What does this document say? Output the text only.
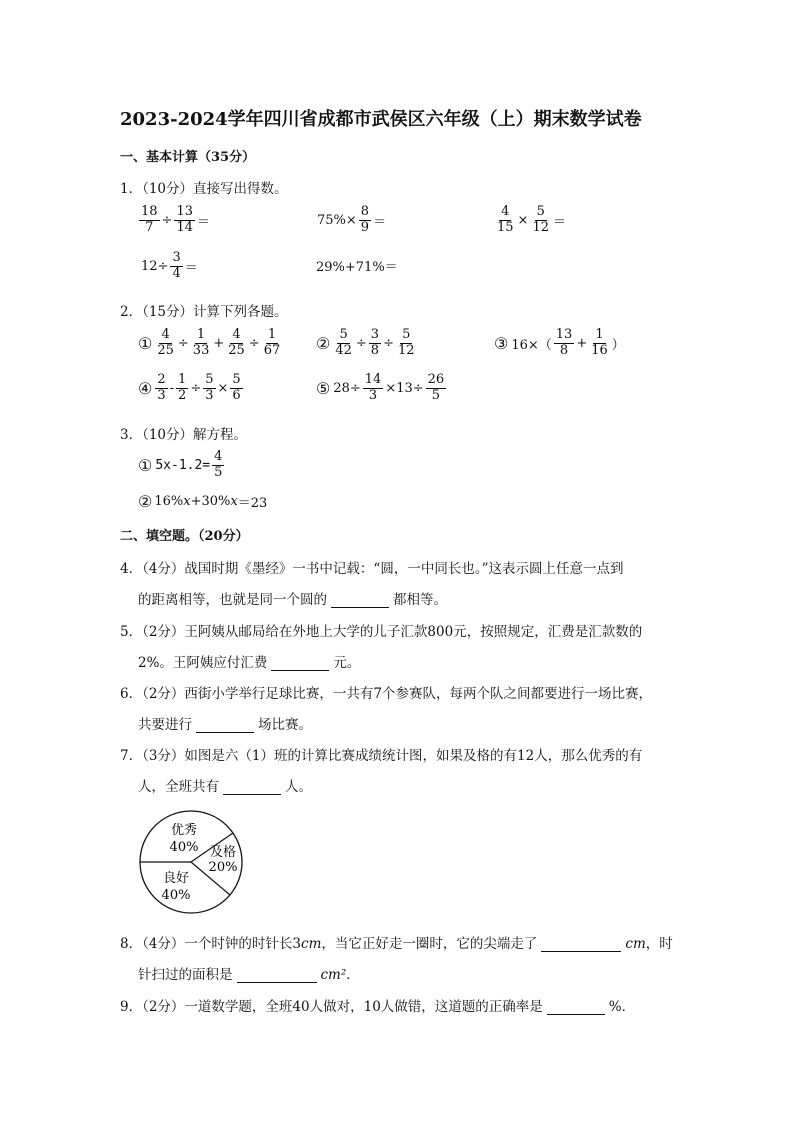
2023-2024学年四川省成都市武侯区六年级（上）期末数学试卷
一、基本计算（35分）
1．（10分）直接写出得数。
$\frac{18}{7} \div \frac{13}{14}$ ＝	$75\%\times \frac{8}{9}$ ＝	$\frac{4}{15} \times \frac{5}{12}$ ＝
$12\div \frac{3}{4}$ ＝	29%+71%＝
2．（15分）计算下列各题。
① $\frac{4}{25} \div \frac{1}{33} + \frac{4}{25} \div \frac{1}{67}$ ② $\frac{5}{42} \div \frac{3}{8} \div \frac{5}{12}$	③ $16\times( \frac{13}{8} + \frac{1}{16}$ ）
④ $\frac{2}{3} - \frac{1}{2} \div \frac{5}{3} \times \frac{5}{6}$	⑤ $28\div \frac{14}{3} \times 13\div \frac{26}{5}$
3．（10分）解方程。
① $5x-1.2= \frac{4}{5}$
② 16% x +30% x ＝23
二、填空题。（20分）
4．（4分）战国时期《墨经》一书中记载：“圆，一中同长也。”这表示圆上任意一点到
的距离相等，也就是同一个圆的	都相等。
5．（2分）王阿姨从邮局给在外地上大学的儿子汇款800元，按照规定，汇费是汇款数的
2%。王阿姨应付汇费	元。
6．（2分）西街小学举行足球比赛，一共有7个参赛队，每两个队之间都要进行一场比赛，
共要进行	场比赛。
7．（3分）如图是六（1）班的计算比赛成绩统计图，如果及格的有12人，那么优秀的有
人，全班共有	人。
优秀
40% 及格
20%
良好
40%
8．（4分）一个时钟的时针长3cm，当它正好走一圈时，它的尖端走了	cm，时
针扫过的面积是	cm²．
9．（2分）一道数学题，全班40人做对，10人做错，这道题的正确率是	%．
